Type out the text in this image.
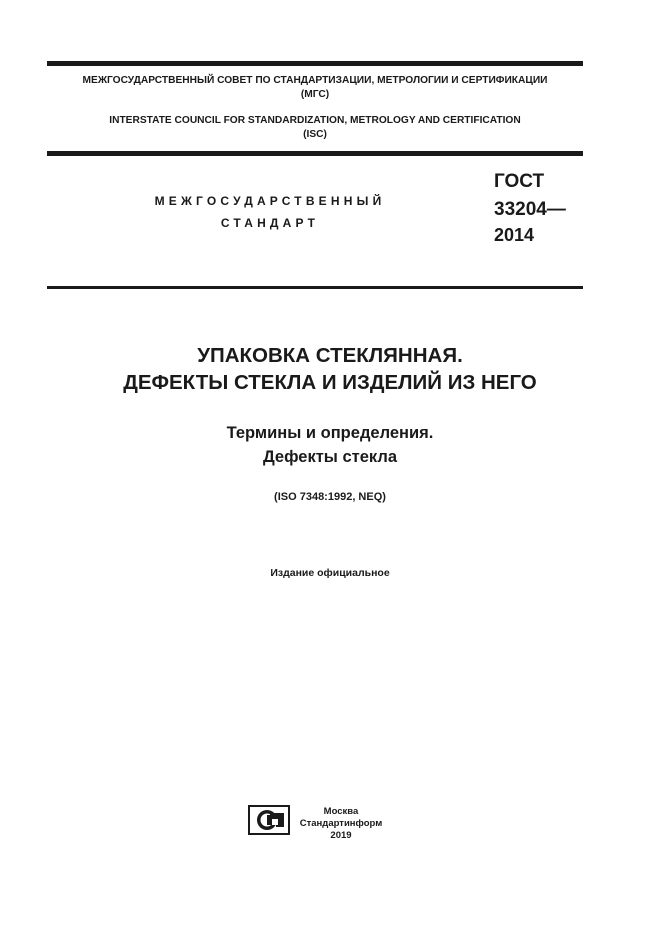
МЕЖГОСУДАРСТВЕННЫЙ СОВЕТ ПО СТАНДАРТИЗАЦИИ, МЕТРОЛОГИИ И СЕРТИФИКАЦИИ
(МГС)
INTERSTATE COUNCIL FOR STANDARDIZATION, METROLOGY AND CERTIFICATION
(ISC)
МЕЖГОСУДАРСТВЕННЫЙ
СТАНДАРТ
ГОСТ
33204—
2014
УПАКОВКА СТЕКЛЯННАЯ.
ДЕФЕКТЫ СТЕКЛА И ИЗДЕЛИЙ ИЗ НЕГО
Термины и определения.
Дефекты стекла
(ISO 7348:1992, NEQ)
Издание официальное
Москва
Стандартинформ
2019
